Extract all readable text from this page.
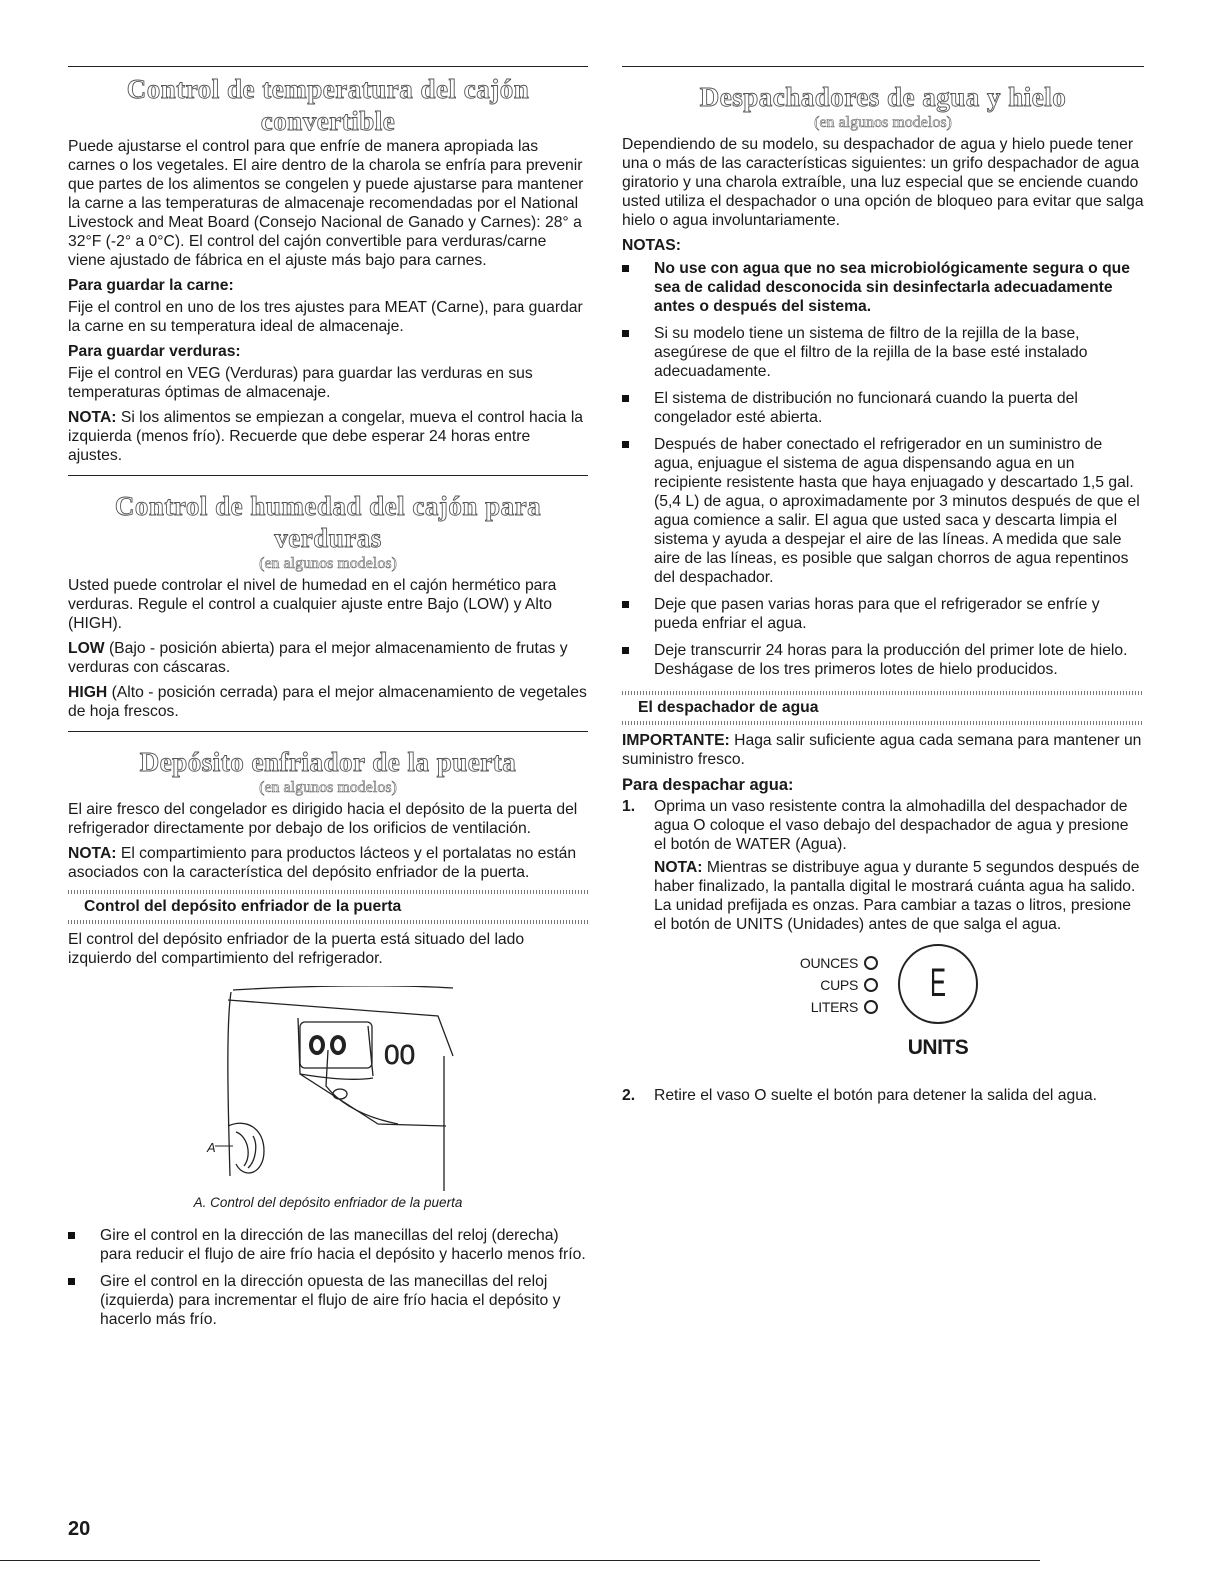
Control de temperatura del cajón convertible

Puede ajustarse el control para que enfríe de manera apropiada las carnes o los vegetales. El aire dentro de la charola se enfría para prevenir que partes de los alimentos se congelen y puede ajustarse para mantener la carne a las temperaturas de almacenaje recomendadas por el National Livestock and Meat Board (Consejo Nacional de Ganado y Carnes): 28° a 32°F (-2° a 0°C). El control del cajón convertible para verduras/carne viene ajustado de fábrica en el ajuste más bajo para carnes.

Para guardar la carne:

Fije el control en uno de los tres ajustes para MEAT (Carne), para guardar la carne en su temperatura ideal de almacenaje.

Para guardar verduras:

Fije el control en VEG (Verduras) para guardar las verduras en sus temperaturas óptimas de almacenaje.

NOTA: Si los alimentos se empiezan a congelar, mueva el control hacia la izquierda (menos frío). Recuerde que debe esperar 24 horas entre ajustes.

Control de humedad del cajón para verduras
(en algunos modelos)

Usted puede controlar el nivel de humedad en el cajón hermético para verduras. Regule el control a cualquier ajuste entre Bajo (LOW) y Alto (HIGH).

LOW (Bajo - posición abierta) para el mejor almacenamiento de frutas y verduras con cáscaras.

HIGH (Alto - posición cerrada) para el mejor almacenamiento de vegetales de hoja frescos.

Depósito enfriador de la puerta
(en algunos modelos)

El aire fresco del congelador es dirigido hacia el depósito de la puerta del refrigerador directamente por debajo de los orificios de ventilación.

NOTA: El compartimiento para productos lácteos y el portalatas no están asociados con la característica del depósito enfriador de la puerta.

Control del depósito enfriador de la puerta

El control del depósito enfriador de la puerta está situado del lado izquierdo del compartimiento del refrigerador.

00
A
A. Control del depósito enfriador de la puerta
Gire el control en la dirección de las manecillas del reloj (derecha) para reducir el flujo de aire frío hacia el depósito y hacerlo menos frío.
Gire el control en la dirección opuesta de las manecillas del reloj (izquierda) para incrementar el flujo de aire frío hacia el depósito y hacerlo más frío.
Despachadores de agua y hielo
(en algunos modelos)

Dependiendo de su modelo, su despachador de agua y hielo puede tener una o más de las características siguientes: un grifo despachador de agua giratorio y una charola extraíble, una luz especial que se enciende cuando usted utiliza el despachador o una opción de bloqueo para evitar que salga hielo o agua involuntariamente.

NOTAS:
No use con agua que no sea microbiológicamente segura o que sea de calidad desconocida sin desinfectarla adecuadamente antes o después del sistema.
Si su modelo tiene un sistema de filtro de la rejilla de la base, asegúrese de que el filtro de la rejilla de la base esté instalado adecuadamente.
El sistema de distribución no funcionará cuando la puerta del congelador esté abierta.
Después de haber conectado el refrigerador en un suministro de agua, enjuague el sistema de agua dispensando agua en un recipiente resistente hasta que haya enjuagado y descartado 1,5 gal. (5,4 L) de agua, o aproximadamente por 3 minutos después de que el agua comience a salir. El agua que usted saca y descarta limpia el sistema y ayuda a despejar el aire de las líneas. A medida que sale aire de las líneas, es posible que salgan chorros de agua repentinos del despachador.
Deje que pasen varias horas para que el refrigerador se enfríe y pueda enfriar el agua.
Deje transcurrir 24 horas para la producción del primer lote de hielo. Deshágase de los tres primeros lotes de hielo producidos.
El despachador de agua

IMPORTANTE: Haga salir suficiente agua cada semana para mantener un suministro fresco.

Para despachar agua:
1. Oprima un vaso resistente contra la almohadilla del despachador de agua O coloque el vaso debajo del despachador de agua y presione el botón de WATER (Agua).

NOTA: Mientras se distribuye agua y durante 5 segundos después de haber finalizado, la pantalla digital le mostrará cuánta agua ha salido. La unidad prefijada es onzas. Para cambiar a tazas o litros, presione el botón de UNITS (Unidades) antes de que salga el agua.

OUNCES
CUPS
LITERS
E
UNITS
2. Retire el vaso O suelte el botón para detener la salida del agua.
20
